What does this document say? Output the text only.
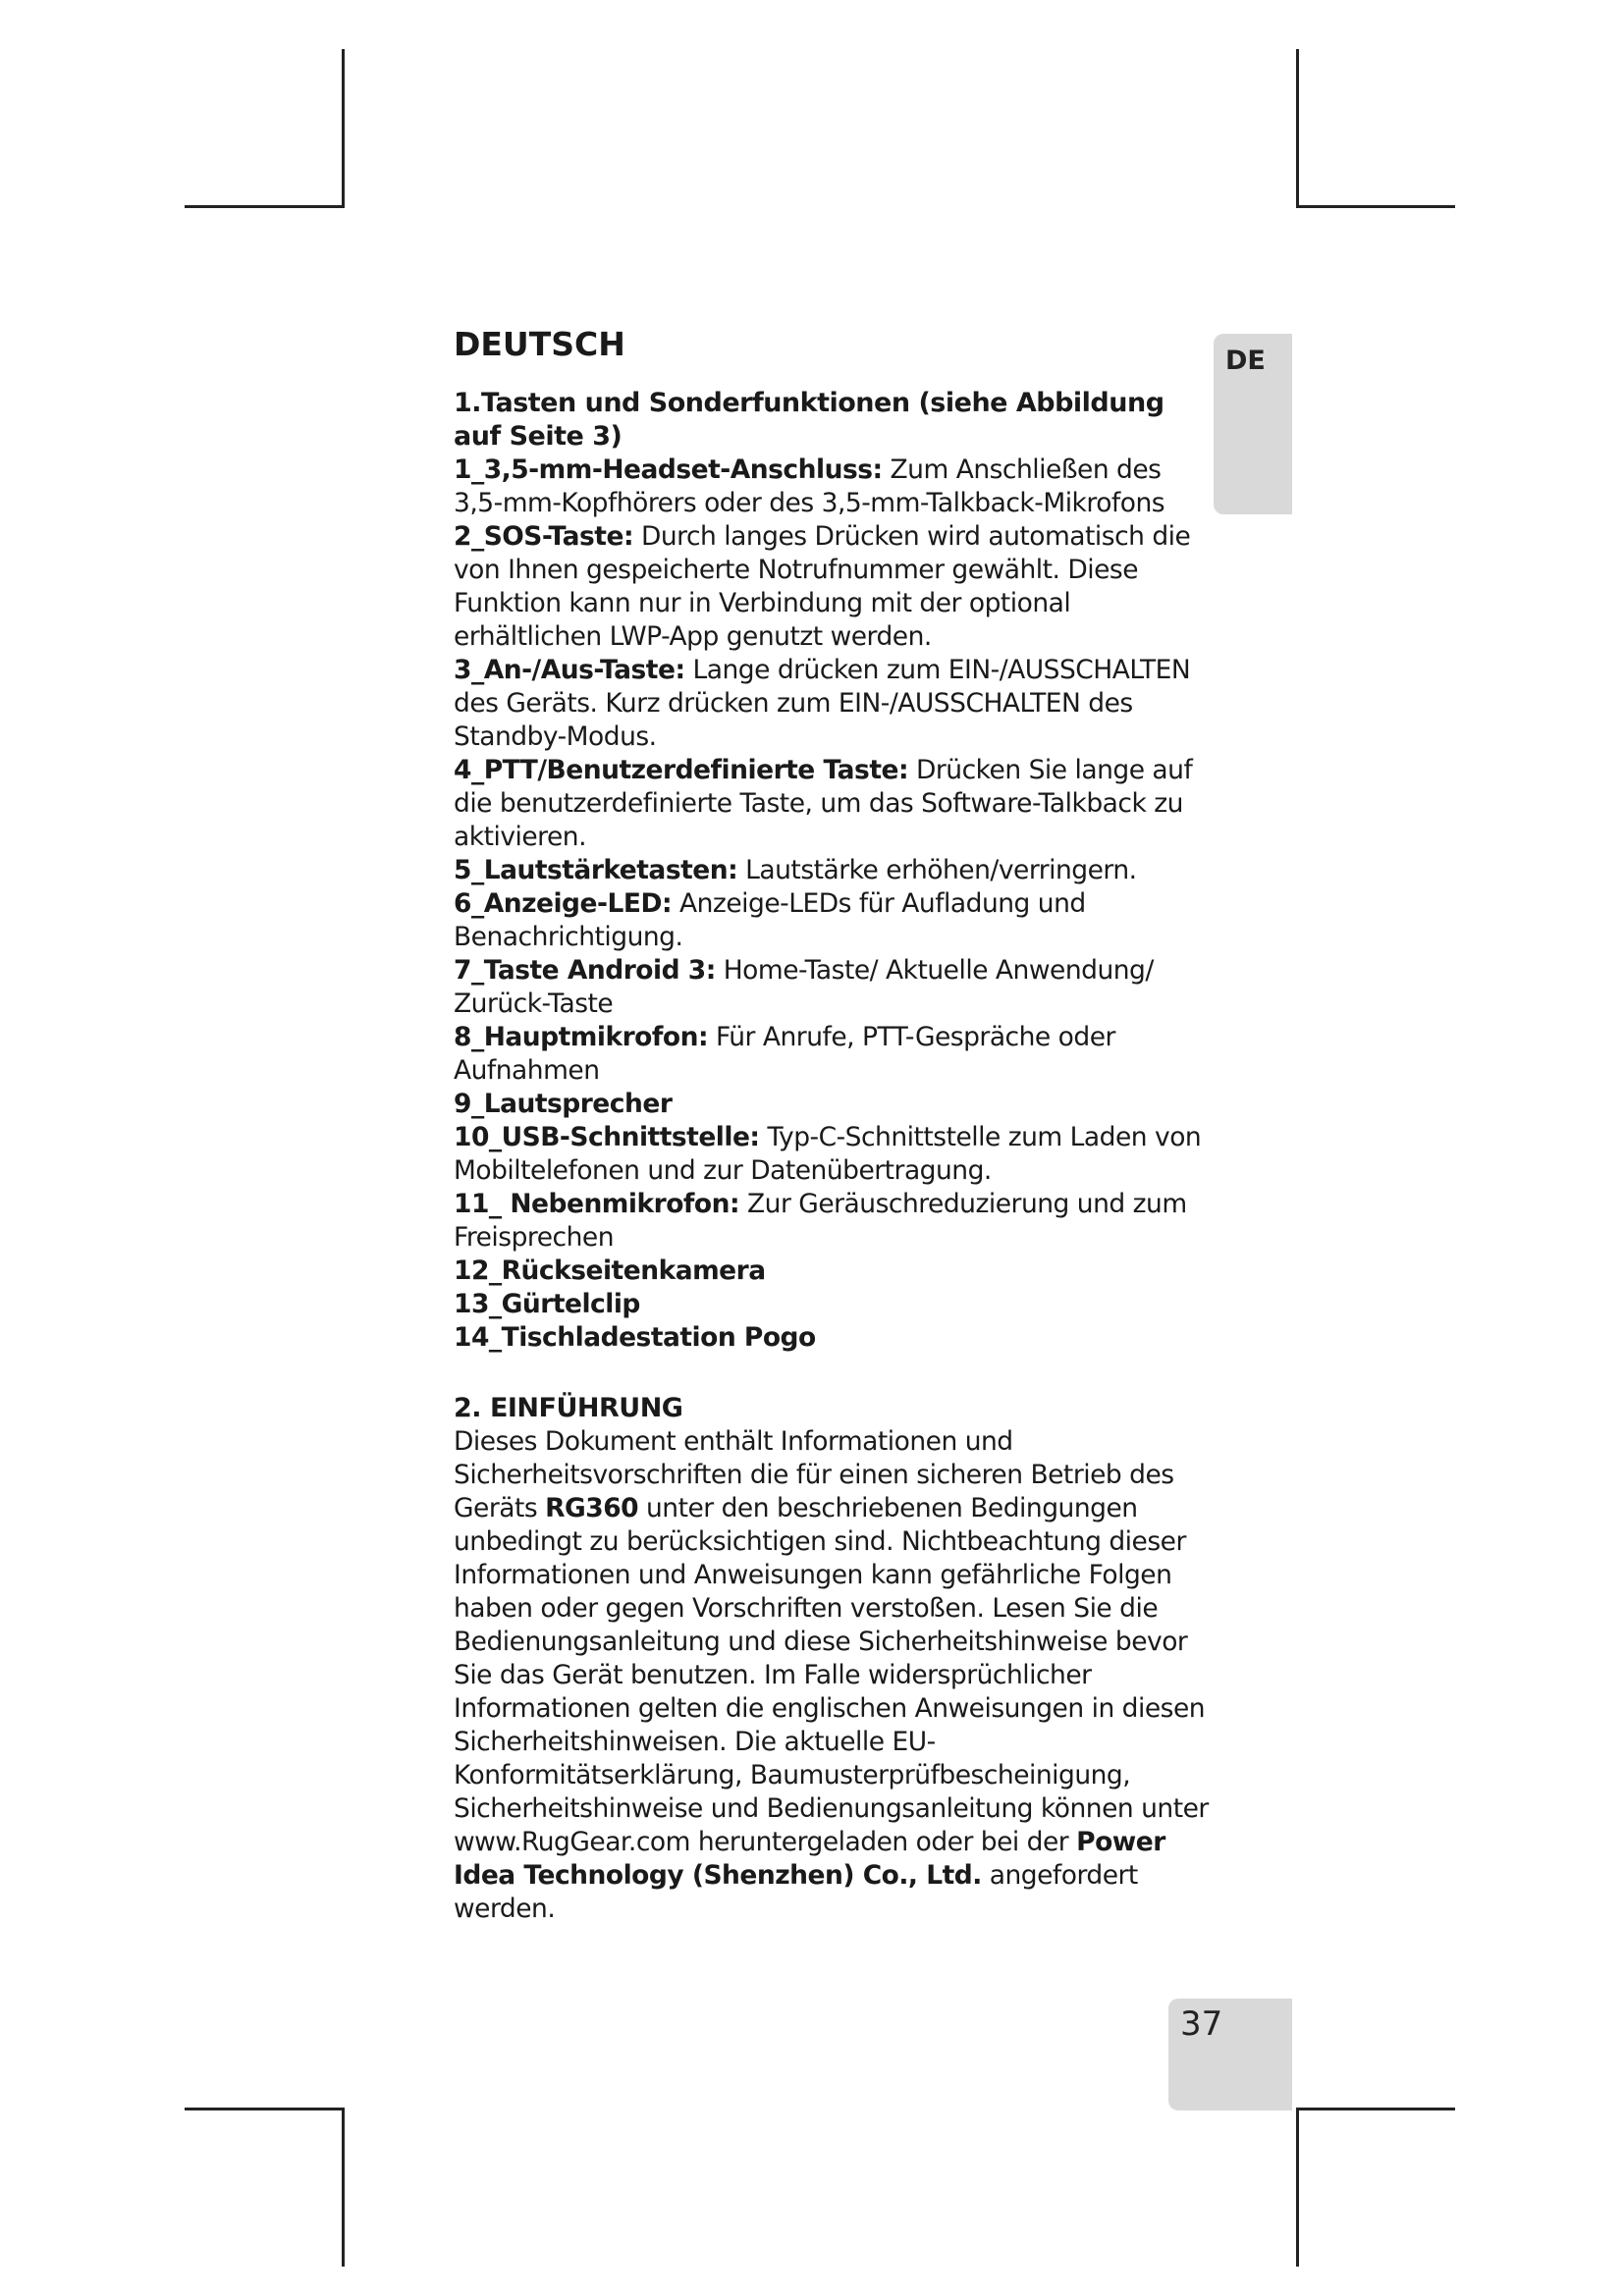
DE
DEUTSCH
1.Tasten und Sonderfunktionen (siehe Abbildung auf Seite 3)

1_3,5-mm-Headset-Anschluss: Zum Anschließen des 3,5-mm-Kopfhörers oder des 3,5-mm-Talkback-Mikrofons

2_SOS-Taste: Durch langes Drücken wird automatisch die von Ihnen gespeicherte Notrufnummer gewählt. Diese Funktion kann nur in Verbindung mit der optional erhältlichen LWP-App genutzt werden.

3_An-/Aus-Taste: Lange drücken zum EIN-/AUSSCHALTEN des Geräts. Kurz drücken zum EIN-/AUSSCHALTEN des Standby-Modus.

4_PTT/Benutzerdefinierte Taste: Drücken Sie lange auf die benutzerdefinierte Taste, um das Software-Talkback zu aktivieren.

5_Lautstärketasten: Lautstärke erhöhen/verringern.

6_Anzeige-LED: Anzeige-LEDs für Aufladung und Benachrichtigung.

7_Taste Android 3: Home-Taste/ Aktuelle Anwendung/ Zurück-Taste

8_Hauptmikrofon: Für Anrufe, PTT-Gespräche oder Aufnahmen

9_Lautsprecher

10_USB-Schnittstelle: Typ-C-Schnittstelle zum Laden von Mobiltelefonen und zur Datenübertragung.

11_ Nebenmikrofon: Zur Geräuschreduzierung und zum Freisprechen

12_Rückseitenkamera

13_Gürtelclip

14_Tischladestation Pogo

2. EINFÜHRUNG

Dieses Dokument enthält Informationen und Sicherheitsvorschriften die für einen sicheren Betrieb des Geräts RG360 unter den beschriebenen Bedingungen unbedingt zu berücksichtigen sind. Nichtbeachtung dieser Informationen und Anweisungen kann gefährliche Folgen haben oder gegen Vorschriften verstoßen. Lesen Sie die Bedienungsanleitung und diese Sicherheitshinweise bevor Sie das Gerät benutzen. Im Falle widersprüchlicher Informationen gelten die englischen Anweisungen in diesen Sicherheitshinweisen. Die aktuelle EU-Konformitätserklärung, Baumusterprüfbescheinigung, Sicherheitshinweise und Bedienungsanleitung können unter www.RugGear.com heruntergeladen oder bei der Power Idea Technology (Shenzhen) Co., Ltd. angefordert werden.

37
